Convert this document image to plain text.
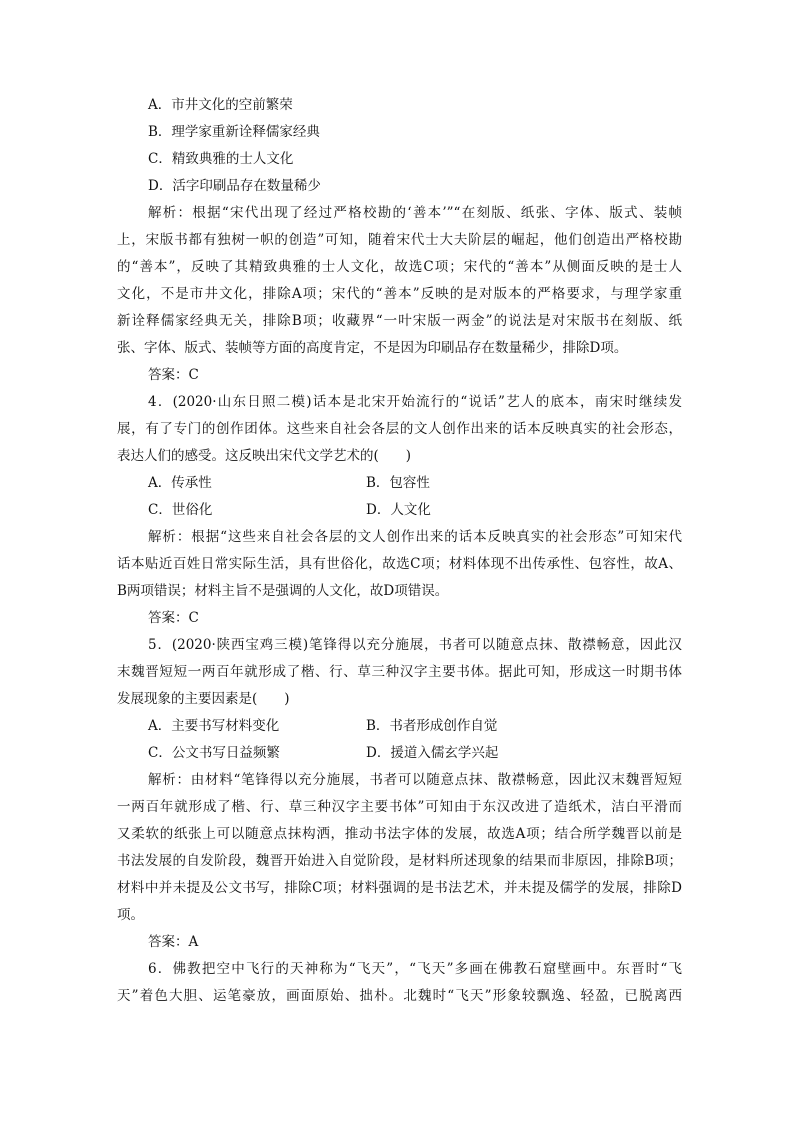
A．市井文化的空前繁荣
B．理学家重新诠释儒家经典
C．精致典雅的士人文化
D．活字印刷品存在数量稀少
解析：根据“宋代出现了经过严格校勘的‘善本’”“在刻版、纸张、字体、版式、装帧
上，宋版书都有独树一帜的创造”可知，随着宋代士大夫阶层的崛起，他们创造出严格校勘
的“善本”，反映了其精致典雅的士人文化，故选C项；宋代的“善本”从侧面反映的是士人
文化，不是市井文化，排除A项；宋代的“善本”反映的是对版本的严格要求，与理学家重
新诠释儒家经典无关，排除B项；收藏界“一叶宋版一两金”的说法是对宋版书在刻版、纸
张、字体、版式、装帧等方面的高度肯定，不是因为印刷品存在数量稀少，排除D项。
答案：C
4．(2020·山东日照二模)话本是北宋开始流行的“说话”艺人的底本，南宋时继续发
展，有了专门的创作团体。这些来自社会各层的文人创作出来的话本反映真实的社会形态，
表达人们的感受。这反映出宋代文学艺术的(　　)
A．传承性	B．包容性
C．世俗化	D．人文化
解析：根据“这些来自社会各层的文人创作出来的话本反映真实的社会形态”可知宋代
话本贴近百姓日常实际生活，具有世俗化，故选C项；材料体现不出传承性、包容性，故A、
B两项错误；材料主旨不是强调的人文化，故D项错误。
答案：C
5．(2020·陕西宝鸡三模)笔锋得以充分施展，书者可以随意点抹、散襟畅意，因此汉
末魏晋短短一两百年就形成了楷、行、草三种汉字主要书体。据此可知，形成这一时期书体
发展现象的主要因素是(　　)
A．主要书写材料变化	B．书者形成创作自觉
C．公文书写日益频繁	D．援道入儒玄学兴起
解析：由材料“笔锋得以充分施展，书者可以随意点抹、散襟畅意，因此汉末魏晋短短
一两百年就形成了楷、行、草三种汉字主要书体”可知由于东汉改进了造纸术，洁白平滑而
又柔软的纸张上可以随意点抹构洒，推动书法字体的发展，故选A项；结合所学魏晋以前是
书法发展的自发阶段，魏晋开始进入自觉阶段，是材料所述现象的结果而非原因，排除B项；
材料中并未提及公文书写，排除C项；材料强调的是书法艺术，并未提及儒学的发展，排除D
项。
答案：A
6．佛教把空中飞行的天神称为“飞天”，“飞天”多画在佛教石窟壁画中。东晋时“飞
天”着色大胆、运笔豪放，画面原始、拙朴。北魏时“飞天”形象较飘逸、轻盈，已脱离西
